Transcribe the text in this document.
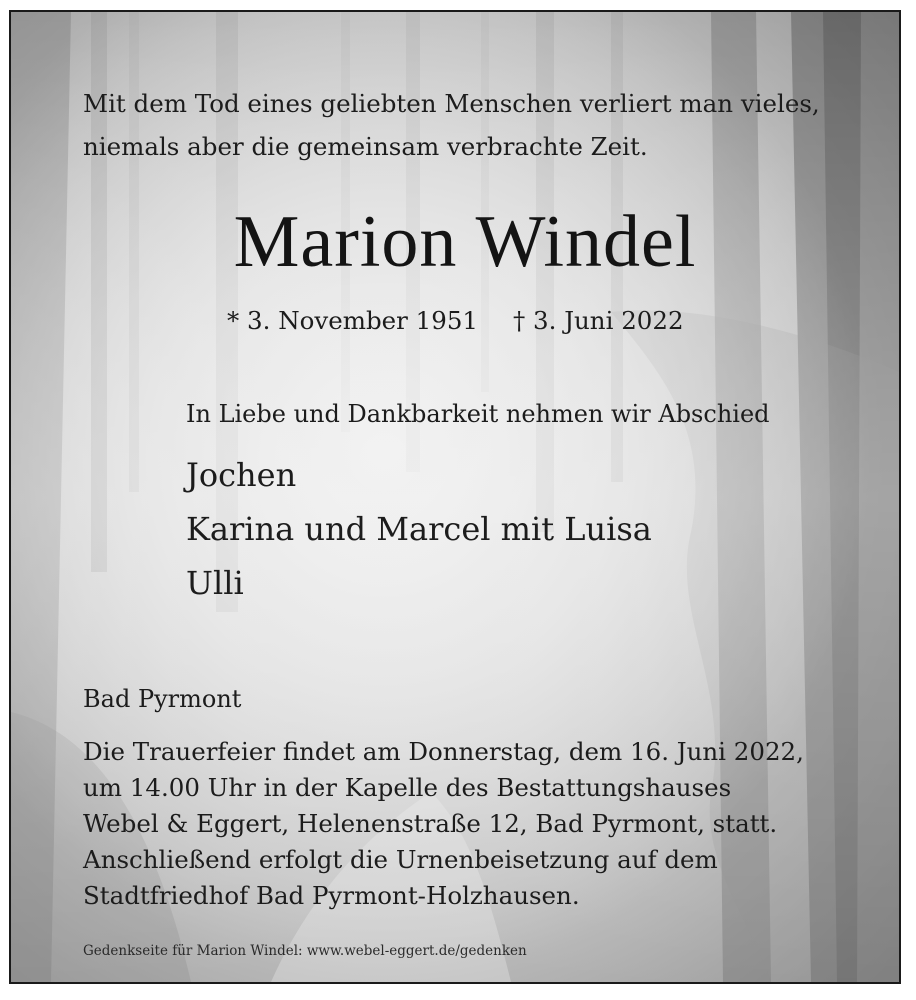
Mit dem Tod eines geliebten Menschen verliert man vieles,
niemals aber die gemeinsam verbrachte Zeit.

Marion Windel
* 3. November 1951 † 3. Juni 2022
In Liebe und Dankbarkeit nehmen wir Abschied
Jochen
Karina und Marcel mit Luisa
Ulli
Bad Pyrmont
Die Trauerfeier findet am Donnerstag, dem 16. Juni 2022,
um 14.00 Uhr in der Kapelle des Bestattungshauses
Webel & Eggert, Helenenstraße 12, Bad Pyrmont, statt.
Anschließend erfolgt die Urnenbeisetzung auf dem
Stadtfriedhof Bad Pyrmont-Holzhausen.
Gedenkseite für Marion Windel: www.webel-eggert.de/gedenken
